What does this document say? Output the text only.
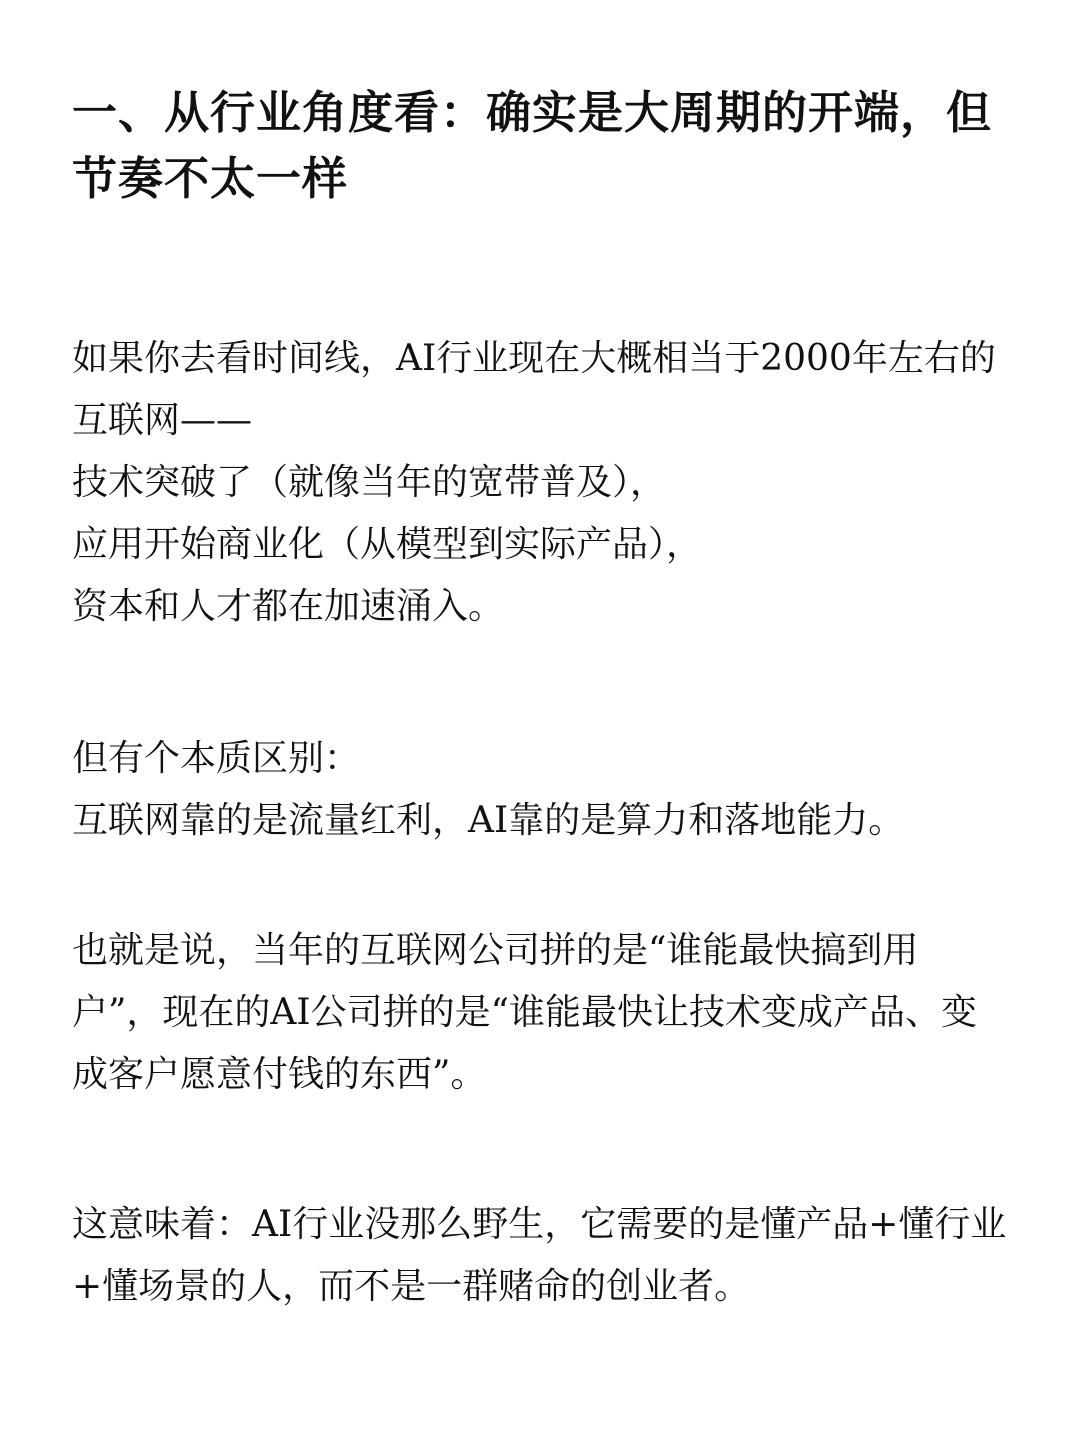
一、从行业角度看：确实是大周期的开端，但
节奏不太一样

如果你去看时间线，AI行业现在大概相当于2000年左右的
互联网——
技术突破了（就像当年的宽带普及），
应用开始商业化（从模型到实际产品），
资本和人才都在加速涌入。

但有个本质区别：
互联网靠的是流量红利，AI靠的是算力和落地能力。

也就是说，当年的互联网公司拼的是“谁能最快搞到用
户”，现在的AI公司拼的是“谁能最快让技术变成产品、变
成客户愿意付钱的东西”。

这意味着：AI行业没那么野生，它需要的是懂产品+懂行业
+懂场景的人，而不是一群赌命的创业者。
